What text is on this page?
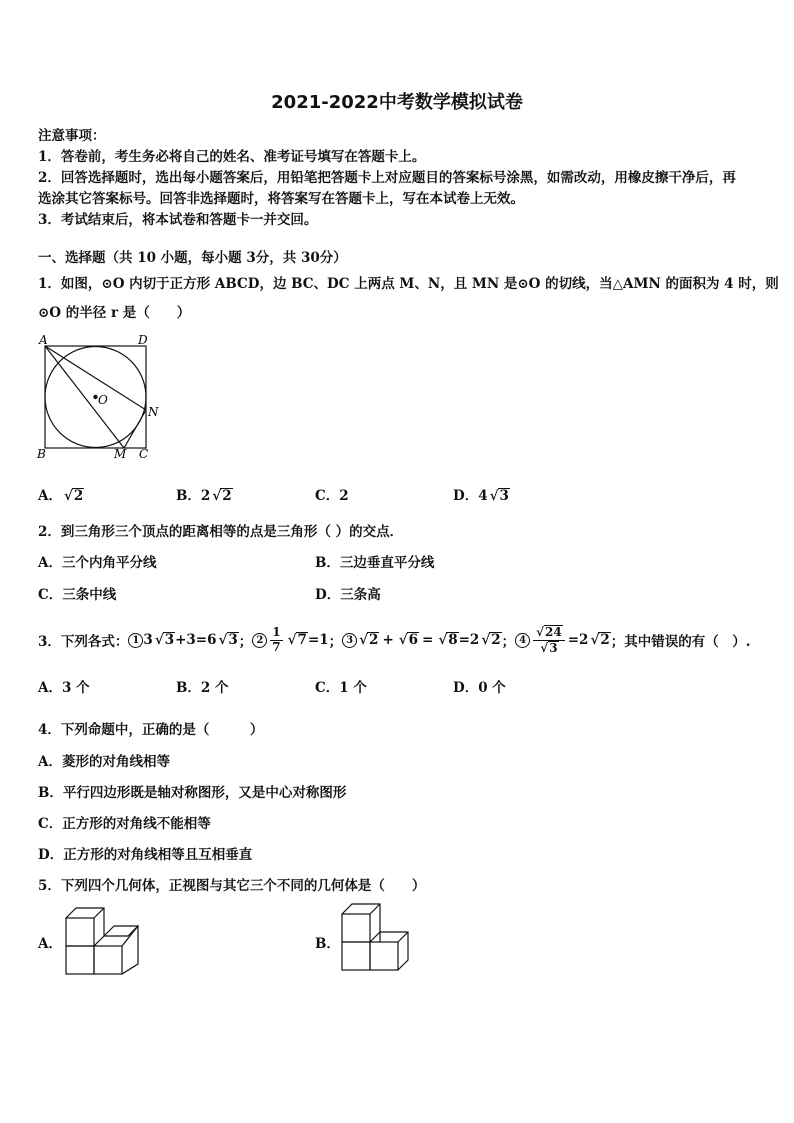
2021-2022中考数学模拟试卷
注意事项：
1．答卷前，考生务必将自己的姓名、准考证号填写在答题卡上。
2．回答选择题时，选出每小题答案后，用铅笔把答题卡上对应题目的答案标号涂黑，如需改动，用橡皮擦干净后，再
选涂其它答案标号。回答非选择题时，将答案写在答题卡上，写在本试卷上无效。
3．考试结束后，将本试卷和答题卡一并交回。
一、选择题（共 10 小题，每小题 3分，共 30分）
1．如图，⊙O 内切于正方形 ABCD，边 BC、DC 上两点 M、N，且 MN 是⊙O 的切线，当△AMN 的面积为 4 时，则
⊙O 的半径 r 是（　　）
A	D
B	C
M
N
O
A． √ 2	B．2 √ 2	C．2	D．4 √ 3
2．到三角形三个顶点的距离相等的点是三角形（ ）的交点．
A．三个内角平分线	B．三边垂直平分线
C．三条中线	D．三条高
3．下列各式： 1 3 √ 3 +3=6 √ 3 ； $2 \frac{1}{7}$ √ 7 =1 ； 3 √ 2 + √ 6 = √ 8 =2 √ 2 ； 4 √ 24
√ 3 =2 √ 2 ；其中错误的有（　）.
A．3 个	B．2 个	C．1 个	D．0 个
4．下列命题中，正确的是（　　　）
A．菱形的对角线相等
B．平行四边形既是轴对称图形，又是中心对称图形
C．正方形的对角线不能相等
D．正方形的对角线相等且互相垂直
5．下列四个几何体，正视图与其它三个不同的几何体是（　　）
A．	B．
